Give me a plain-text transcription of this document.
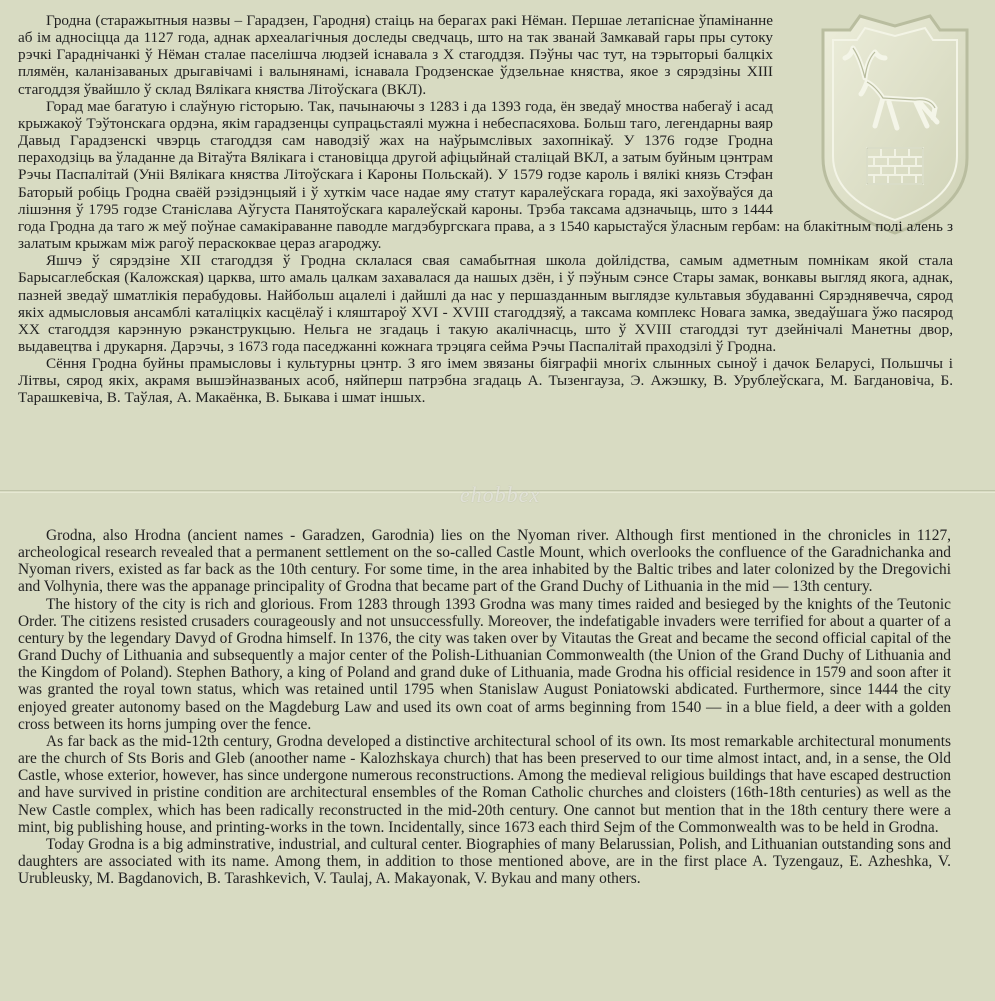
Гродна (старажытныя назвы – Гарадзен, Гародня) стаіць на берагах ракі Нёман. Першае летапіснае ўпамінанне аб ім адносіцца да 1127 года, аднак археалагічныя доследы сведчаць, што на так званай Замкавай гары пры сутоку рэчкі Гараднічанкі ў Нёман сталае паселішча людзей існавала з X стагоддзя. Пэўны час тут, на тэрыторыі балцкіх плямён, каланізаваных дрыгавічамі і валынянамі, існавала Гродзенскае ўдзельнае княства, якое з сярэдзіны XIII стагоддзя ўвайшло ў склад Вялікага княства Літоўскага (ВКЛ).

Горад мае багатую і слаўную гісторыю. Так, пачынаючы з 1283 і да 1393 года, ён зведаў мноства набегаў і асад крыжакоў Тэўтонскага ордэна, якім гарадзенцы супрацьстаялі мужна і небеспасяхова. Больш таго, легендарны ваяр Давыд Гарадзенскі чвэрць стагоддзя сам наводзіў жах на наўрымслівых захопнікаў. У 1376 годзе Гродна пераходзіць ва ўладанне да Вітаўта Вялікага і становіцца другой афіцыйнай сталіцай ВКЛ, а затым буйным цэнтрам Рэчы Паспалітай (Уніі Вялікага княства Літоўскага і Кароны Польскай). У 1579 годзе кароль і вялікі князь Стэфан Баторый робіць Гродна сваёй рэзідэнцыяй і ў хуткім часе надае яму статут каралеўскага горада, які захоўваўся да лішэння ў 1795 годзе Станіслава Аўгуста Панятоўскага каралеўскай кароны. Трэба таксама адзначыць, што з 1444 года Гродна да таго ж меў поўнае самакіраванне паводле магдэбургскага права, а з 1540 карыстаўся ўласным гербам: на блакітным полі алень з залатым крыжам між рагоў пераскоквае цераз агароджу.

Яшчэ ў сярэдзіне XII стагоддзя ў Гродна склалася свая самабытная школа дойлідства, самым адметным помнікам якой стала Барысаглебская (Каложская) царква, што амаль цалкам захавалася да нашых дзён, і ў пэўным сэнсе Стары замак, вонкавы выгляд якога, аднак, пазней зведаў шматлікія перабудовы. Найбольш ацалелі і дайшлі да нас у першазданным выглядзе культавыя збудаванні Сярэднявечча, сярод якіх адмысловыя ансамблі каталіцкіх касцёлаў і кляштароў XVI - XVIII стагоддзяў, а таксама комплекс Новага замка, зведаўшага ўжо пасярод XX стагоддзя карэнную рэканструкцыю. Нельга не згадаць і такую акалічнасць, што ў XVIII стагоддзі тут дзейнічалі Манетны двор, выдавецтва і друкарня. Дарэчы, з 1673 года паседжанні кожнага трэцяга сейма Рэчы Паспалітай праходзілі ў Гродна.

Сёння Гродна буйны прамысловы і культурны цэнтр. З яго імем звязаны біяграфіі многіх слынных сыноў і дачок Беларусі, Польшчы і Літвы, сярод якіх, акрамя вышэйназваных асоб, няйперш патрэбна згадаць А. Тызенгауза, Э. Ажэшку, В. Урублеўскага, М. Багдановіча, Б. Тарашкевіча, В. Таўлая, А. Макаёнка, В. Быкава і шмат іншых.

ehobbex

Grodna, also Hrodna (ancient names - Garadzen, Garodnia) lies on the Nyoman river. Although first mentioned in the chronicles in 1127, archeological research revealed that a permanent settlement on the so-called Castle Mount, which overlooks the confluence of the Garadnichanka and Nyoman rivers, existed as far back as the 10th century. For some time, in the area inhabited by the Baltic tribes and later colonized by the Dregovichi and Volhynia, there was the appanage principality of Grodna that became part of the Grand Duchy of Lithuania in the mid — 13th century.

The history of the city is rich and glorious. From 1283 through 1393 Grodna was many times raided and besieged by the knights of the Teutonic Order. The citizens resisted crusaders courageously and not unsuccessfully. Moreover, the indefatigable invaders were terrified for about a quarter of a century by the legendary Davyd of Grodna himself. In 1376, the city was taken over by Vitautas the Great and became the second official capital of the Grand Duchy of Lithuania and subsequently a major center of the Polish-Lithuanian Commonwealth (the Union of the Grand Duchy of Lithuania and the Kingdom of Poland). Stephen Bathory, a king of Poland and grand duke of Lithuania, made Grodna his official residence in 1579 and soon after it was granted the royal town status, which was retained until 1795 when Stanislaw August Poniatowski abdicated. Furthermore, since 1444 the city enjoyed greater autonomy based on the Magdeburg Law and used its own coat of arms beginning from 1540 — in a blue field, a deer with a golden cross between its horns jumping over the fence.

As far back as the mid-12th century, Grodna developed a distinctive architectural school of its own. Its most remarkable architectural monuments are the church of Sts Boris and Gleb (anoother name - Kalozhskaya church) that has been preserved to our time almost intact, and, in a sense, the Old Castle, whose exterior, however, has since undergone numerous reconstructions. Among the medieval religious buildings that have escaped destruction and have survived in pristine condition are architectural ensembles of the Roman Catholic churches and cloisters (16th-18th centuries) as well as the New Castle complex, which has been radically reconstructed in the mid-20th century. One cannot but mention that in the 18th century there were a mint, big publishing house, and printing-works in the town. Incidentally, since 1673 each third Sejm of the Commonwealth was to be held in Grodna.

Today Grodna is a big adminstrative, industrial, and cultural center. Biographies of many Belarussian, Polish, and Lithuanian outstanding sons and daughters are associated with its name. Among them, in addition to those mentioned above, are in the first place A. Tyzengauz, E. Azheshka, V. Urubleusky, M. Bagdanovich, B. Tarashkevich, V. Taulaj, A. Makayonak, V. Bykau and many others.
